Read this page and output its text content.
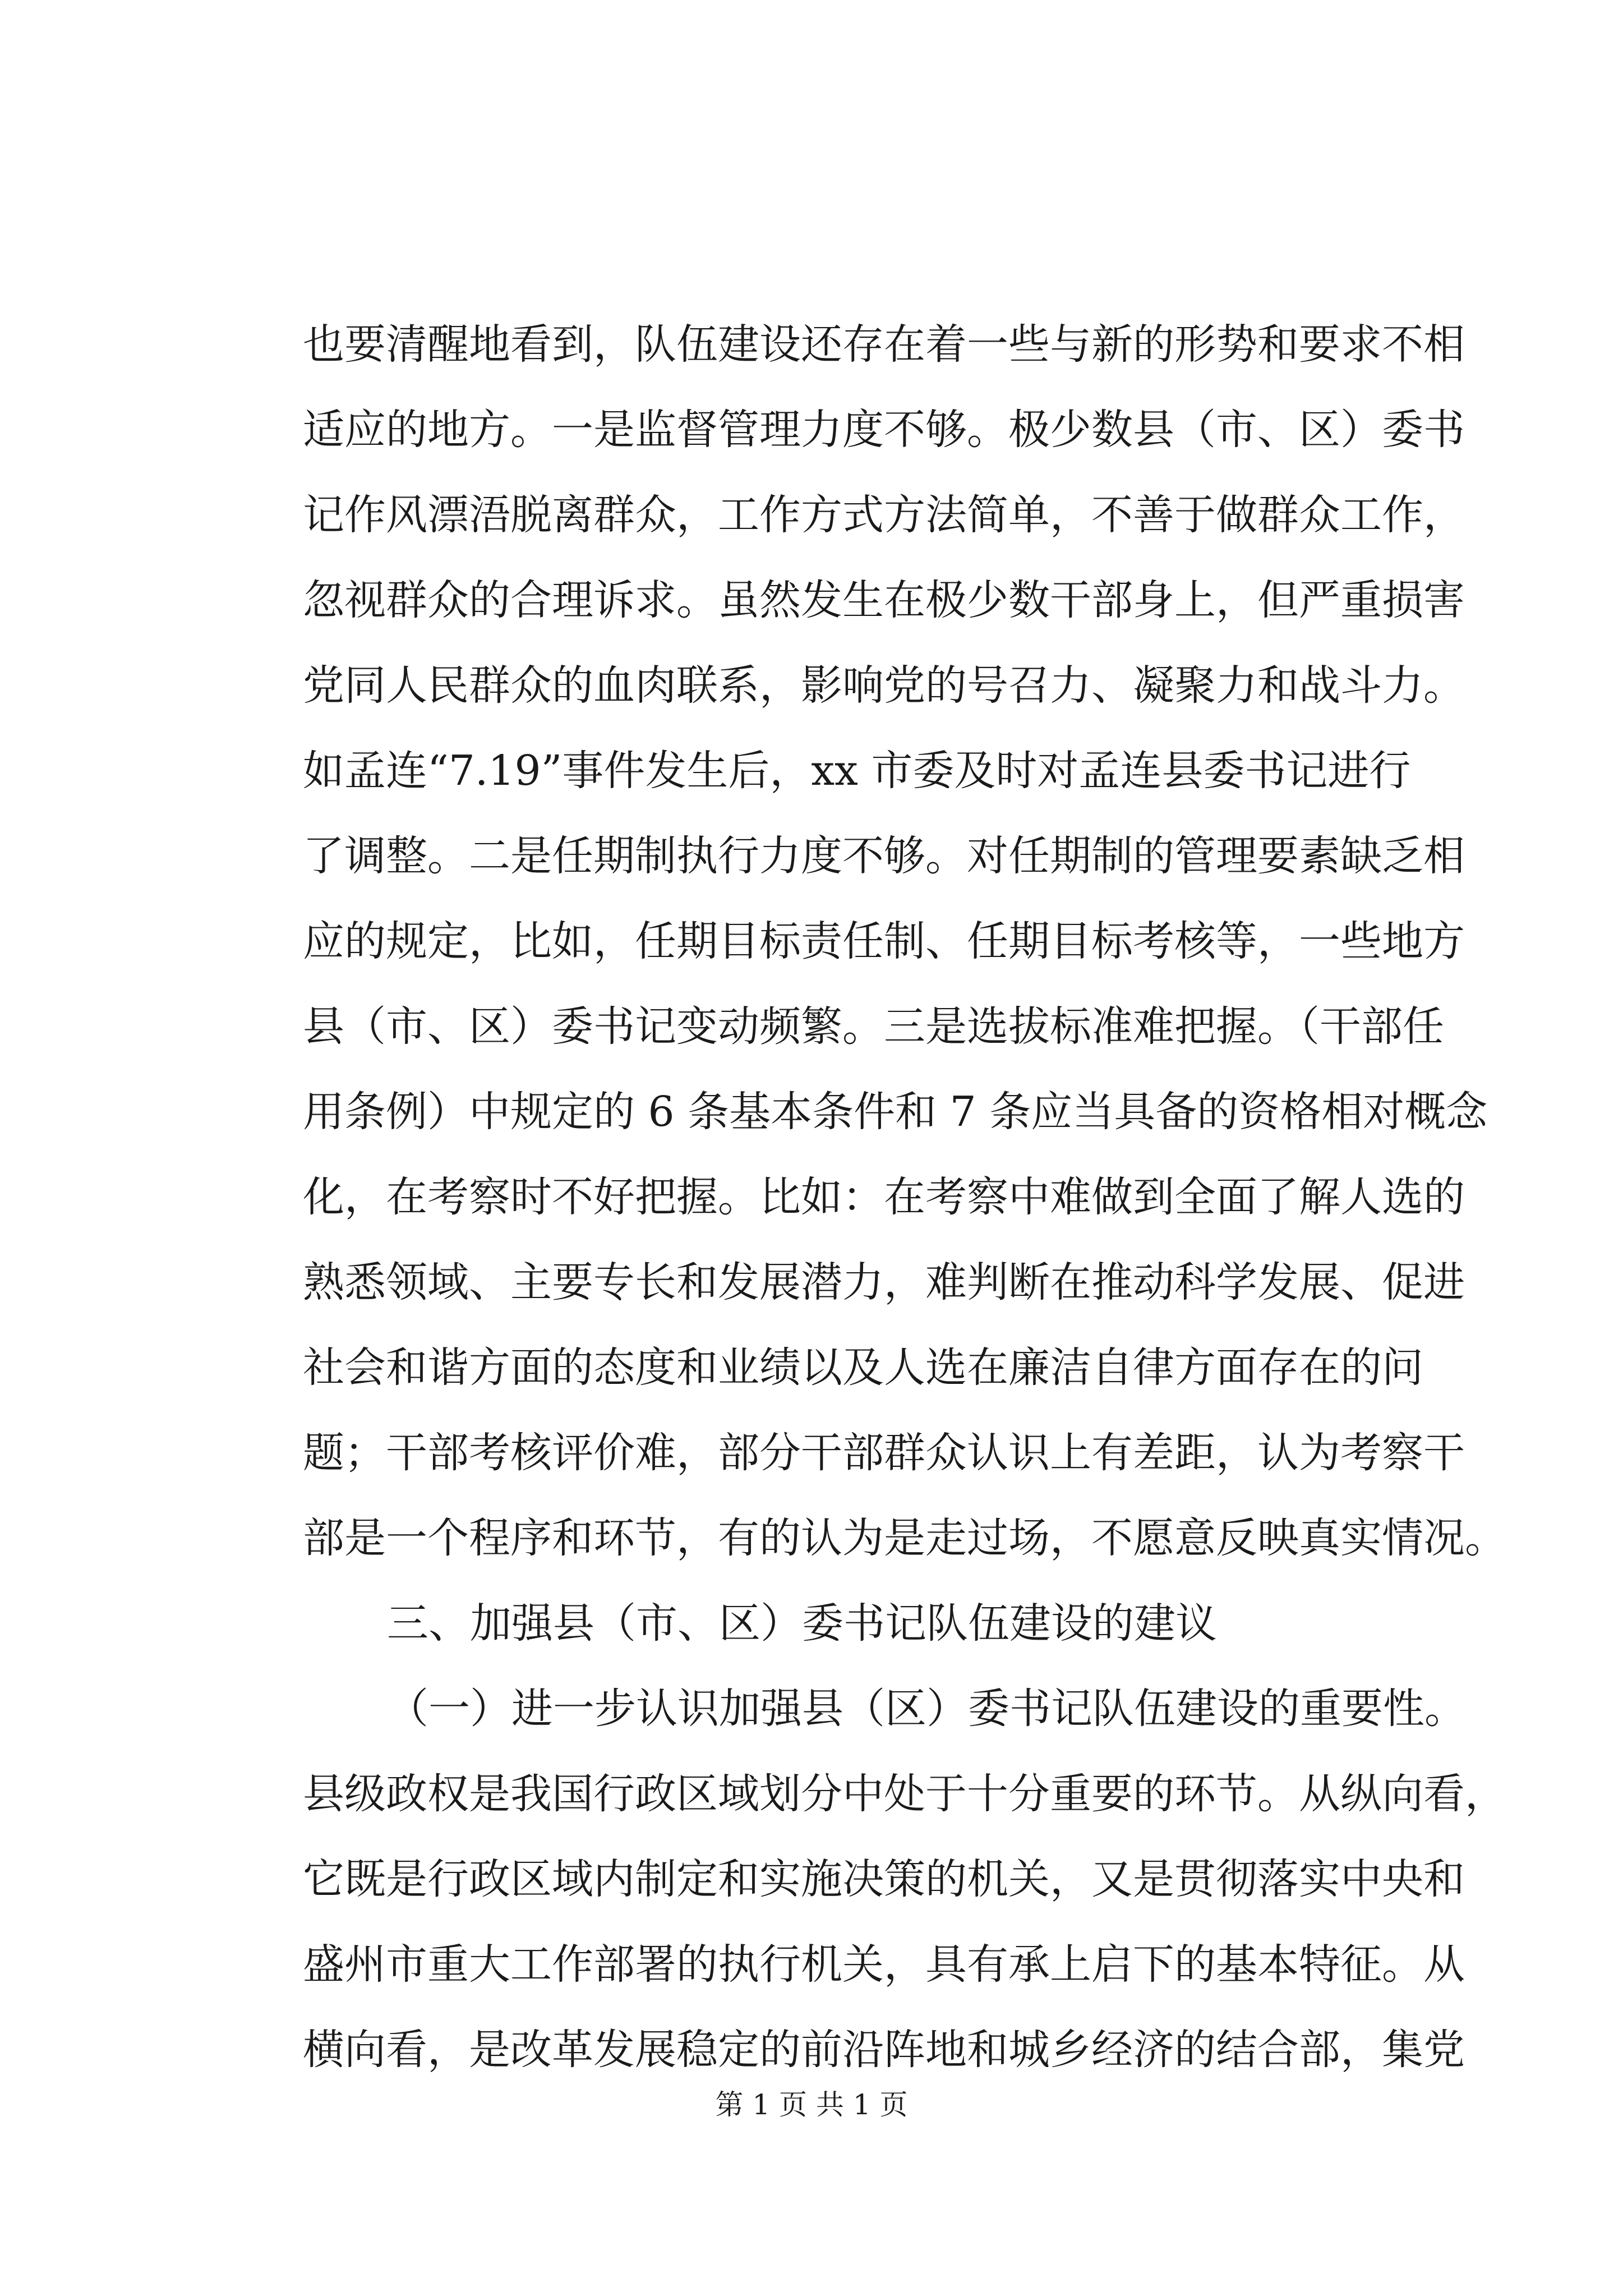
也要清醒地看到，队伍建设还存在着一些与新的形势和要求不相
适应的地方。一是监督管理力度不够。极少数县（市、区）委书
记作风漂浯脱离群众，工作方式方法简单，不善于做群众工作，
忽视群众的合理诉求。虽然发生在极少数干部身上，但严重损害
党同人民群众的血肉联系，影响党的号召力、凝聚力和战斗力。
如孟连“7.19”事件发生后，xx 市委及时对孟连县委书记进行
了调整。二是任期制执行力度不够。对任期制的管理要素缺乏相
应的规定，比如，任期目标责任制、任期目标考核等，一些地方
县（市、区）委书记变动频繁。三是选拔标准难把握。（干部任
用条例）中规定的 6 条基本条件和 7 条应当具备的资格相对概念
化，在考察时不好把握。比如：在考察中难做到全面了解人选的
熟悉领域、主要专长和发展潜力，难判断在推动科学发展、促进
社会和谐方面的态度和业绩以及人选在廉洁自律方面存在的问
题；干部考核评价难，部分干部群众认识上有差距，认为考察干
部是一个程序和环节，有的认为是走过场，不愿意反映真实情况。
三、加强县（市、区）委书记队伍建设的建议
（一）进一步认识加强县（区）委书记队伍建设的重要性。
县级政权是我国行政区域划分中处于十分重要的环节。从纵向看，
它既是行政区域内制定和实施决策的机关，又是贯彻落实中央和
盛州市重大工作部署的执行机关，具有承上启下的基本特征。从
横向看，是改革发展稳定的前沿阵地和城乡经济的结合部，集党
第 1 页 共 1 页
